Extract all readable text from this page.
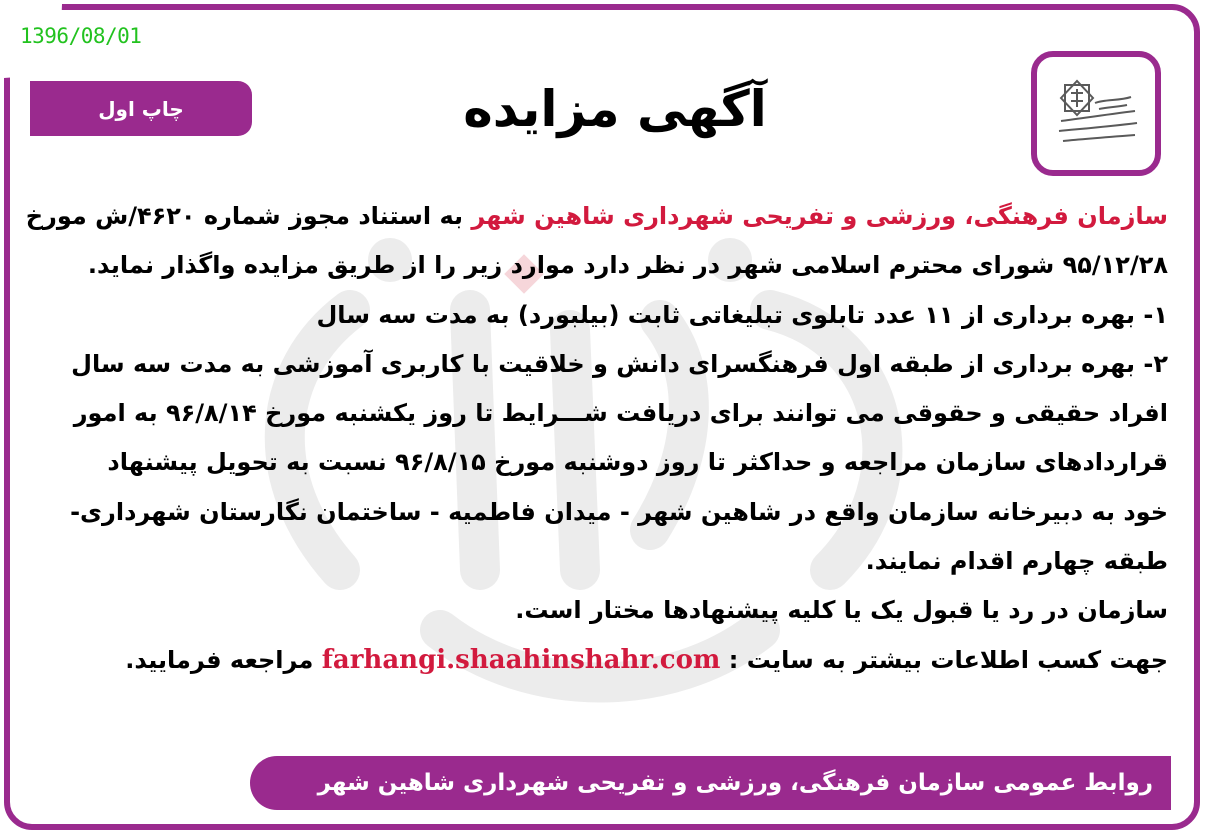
1396/08/01
چاپ اول	آگهی مزایده
سازمان فرهنگی، ورزشی و تفریحی شهرداری شاهین شهر به استناد مجوز شماره ۴۶۲۰/ش مورخ
۹۵/۱۲/۲۸ شورای محترم اسلامی شهر در نظر دارد موارد زیر را از طریق مزایده واگذار نماید.
۱- بهره برداری از ۱۱ عدد تابلوی تبلیغاتی ثابت (بیلبورد) به مدت سه سال
۲- بهره برداری از طبقه اول فرهنگسرای دانش و خلاقیت با کاربری آموزشی به مدت سه سال
افراد حقیقی و حقوقی می توانند برای دریافت شـــرایط تا روز یکشنبه مورخ ۹۶/۸/۱۴ به امور
قراردادهای سازمان مراجعه و حداکثر تا روز دوشنبه مورخ ۹۶/۸/۱۵ نسبت به تحویل پیشنهاد
خود به دبیرخانه سازمان واقع در شاهین شهر - میدان فاطمیه - ساختمان نگارستان شهرداری-
طبقه چهارم اقدام نمایند.
سازمان در رد یا قبول یک یا کلیه پیشنهادها مختار است.
جهت کسب اطلاعات بیشتر به سایت : farhangi.shaahinshahr.com مراجعه فرمایید.
روابط عمومی سازمان فرهنگی، ورزشی و تفریحی شهرداری شاهین شهر
